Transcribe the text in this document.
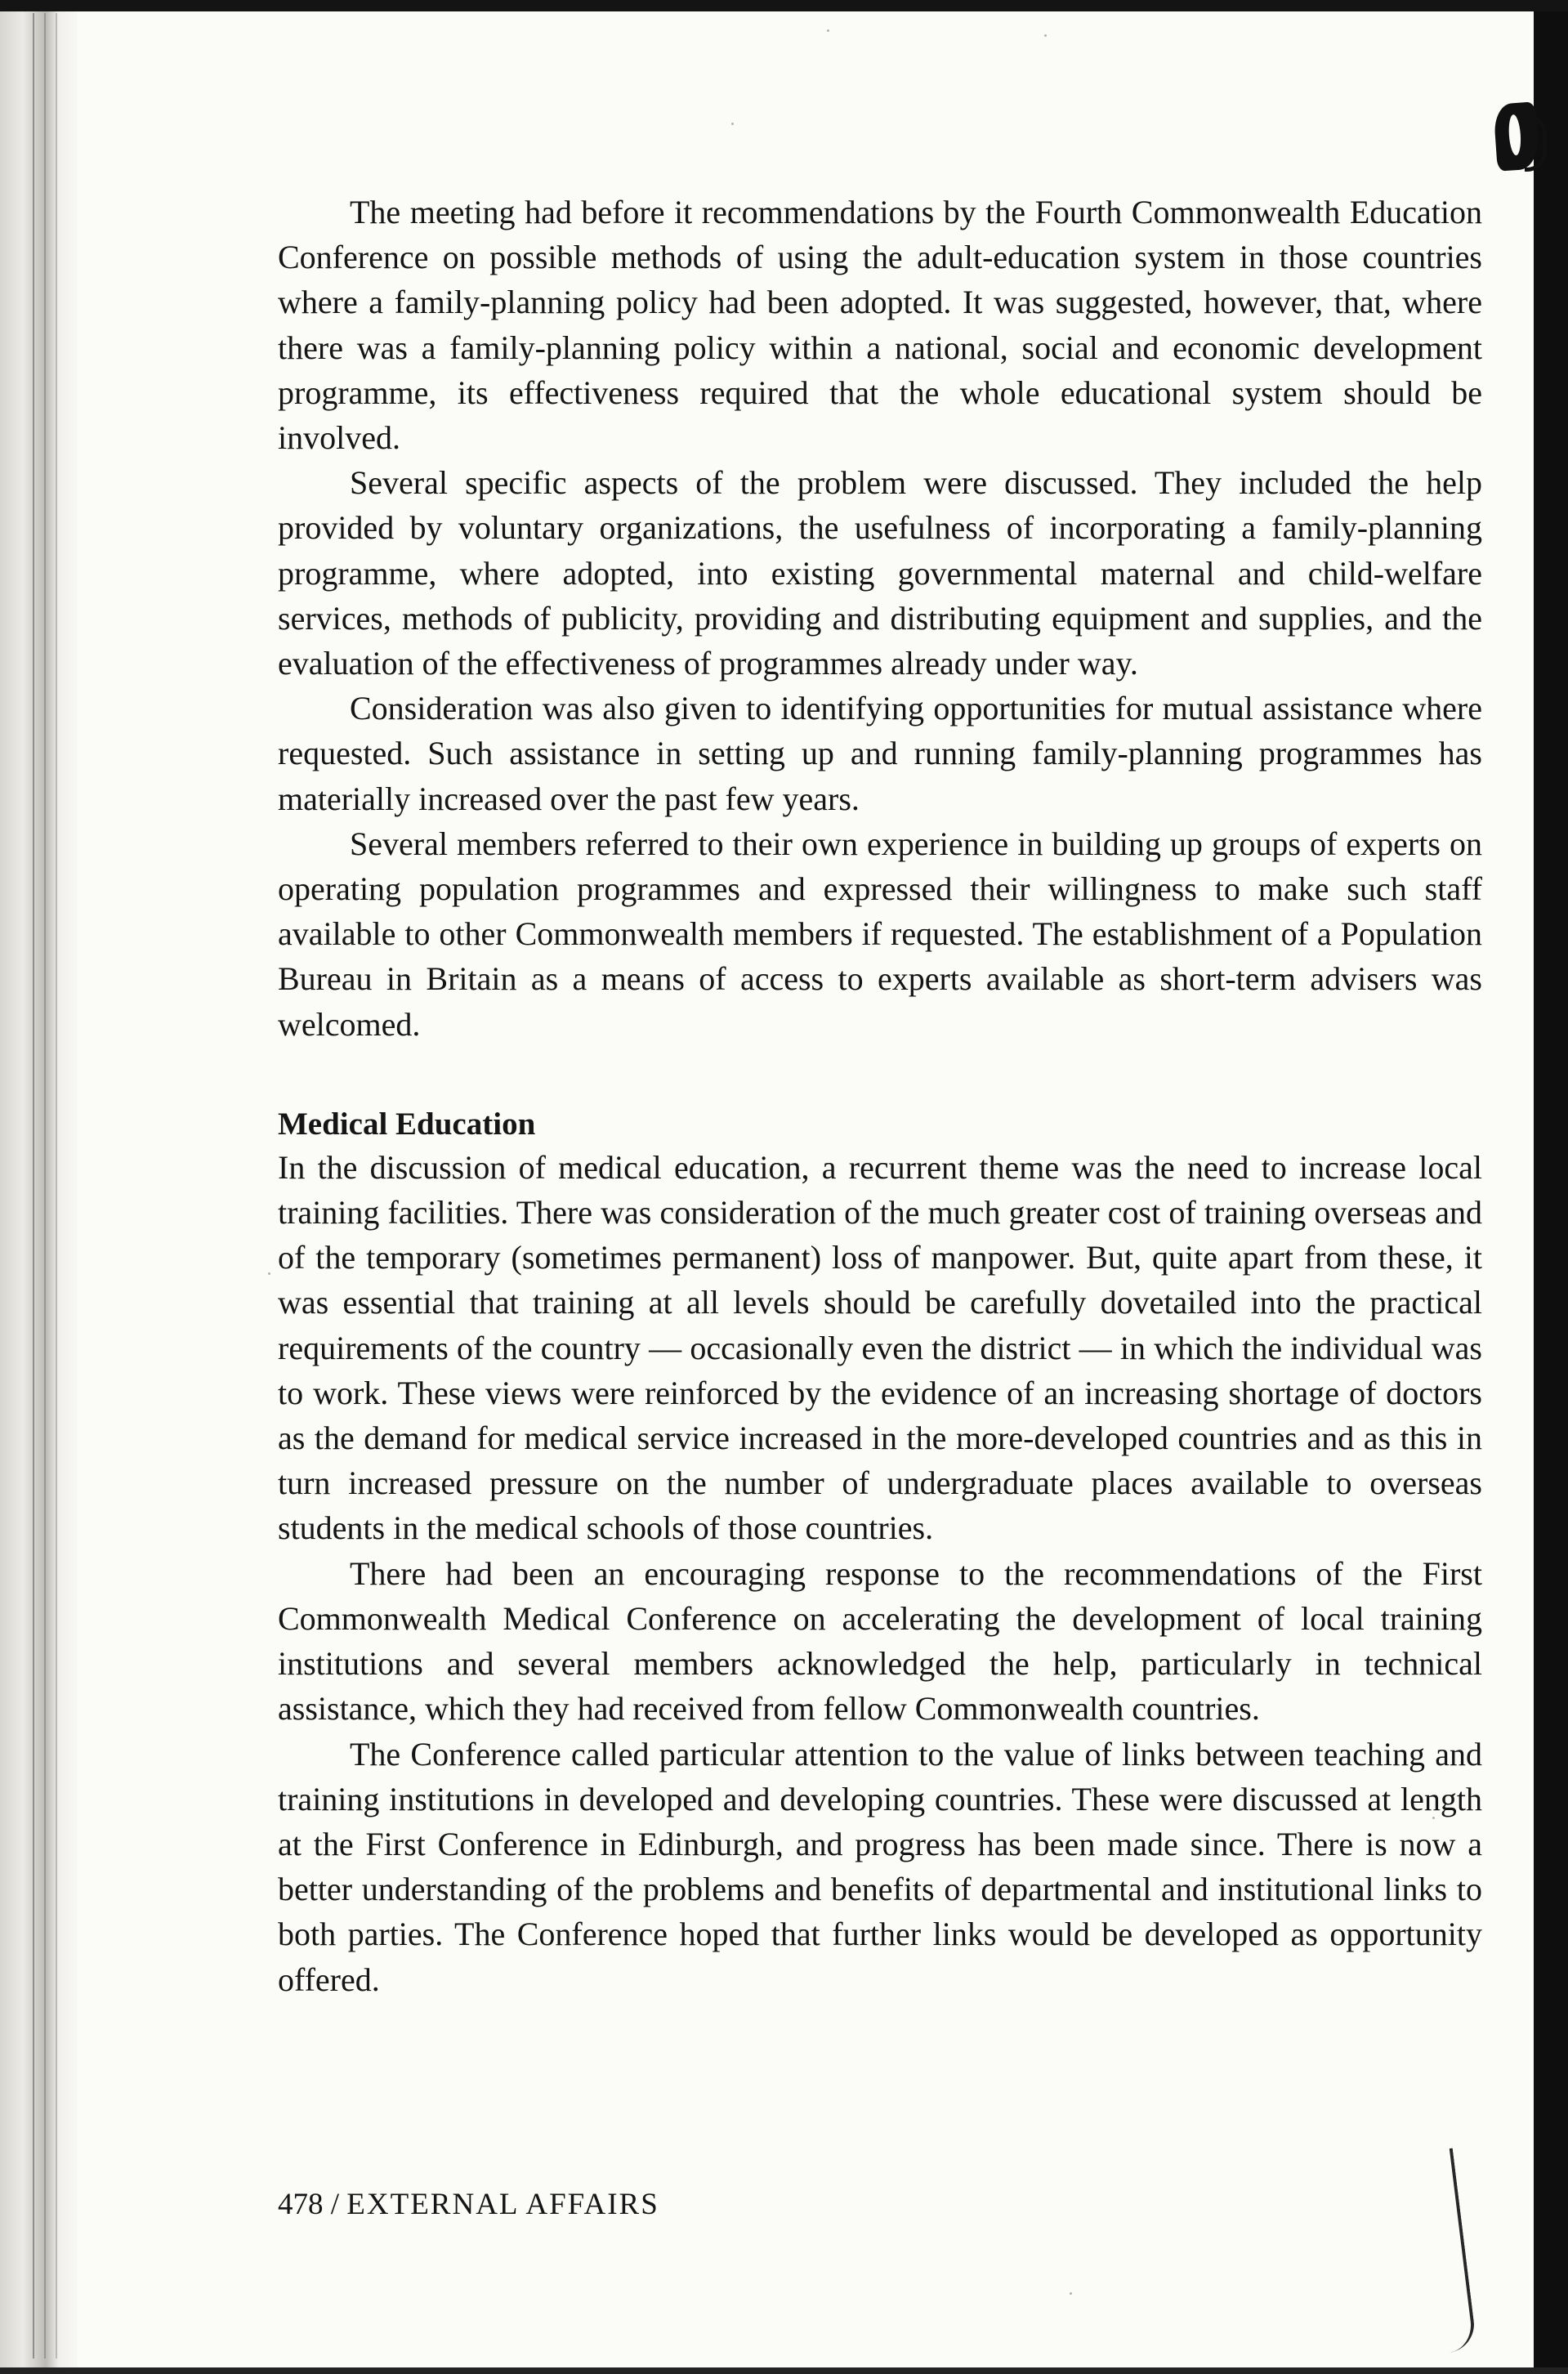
The meeting had before it recommendations by the Fourth Commonwealth Education Conference on possible methods of using the adult-education system in those countries where a family-planning policy had been adopted. It was suggested, however, that, where there was a family-planning policy within a national, social and economic development programme, its effectiveness required that the whole educational system should be involved.

Several specific aspects of the problem were discussed. They included the help provided by voluntary organizations, the usefulness of incorporating a family-planning programme, where adopted, into existing governmental maternal and child-welfare services, methods of publicity, providing and distributing equipment and supplies, and the evaluation of the effectiveness of programmes already under way.

Consideration was also given to identifying opportunities for mutual assistance where requested. Such assistance in setting up and running family-planning programmes has materially increased over the past few years.

Several members referred to their own experience in building up groups of experts on operating population programmes and expressed their willingness to make such staff available to other Commonwealth members if requested. The establishment of a Population Bureau in Britain as a means of access to experts available as short-term advisers was welcomed.

Medical Education

In the discussion of medical education, a recurrent theme was the need to increase local training facilities. There was consideration of the much greater cost of training overseas and of the temporary (sometimes permanent) loss of manpower. But, quite apart from these, it was essential that training at all levels should be carefully dovetailed into the practical requirements of the country — occasionally even the district — in which the individual was to work. These views were reinforced by the evidence of an increasing shortage of doctors as the demand for medical service increased in the more-developed countries and as this in turn increased pressure on the number of undergraduate places available to overseas students in the medical schools of those countries.

There had been an encouraging response to the recommendations of the First Commonwealth Medical Conference on accelerating the development of local training institutions and several members acknowledged the help, particularly in technical assistance, which they had received from fellow Commonwealth countries.

The Conference called particular attention to the value of links between teaching and training institutions in developed and developing countries. These were discussed at length at the First Conference in Edinburgh, and progress has been made since. There is now a better understanding of the problems and benefits of departmental and institutional links to both parties. The Conference hoped that further links would be developed as opportunity offered.

478 / EXTERNAL AFFAIRS
